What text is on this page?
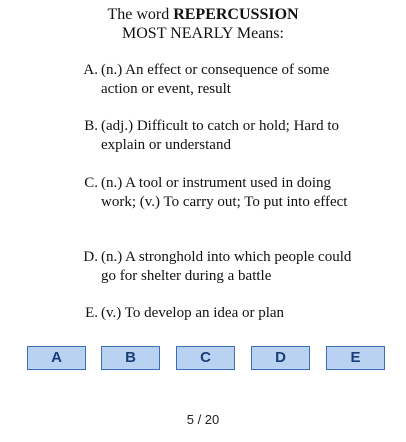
The word REPERCUSSION
MOST NEARLY Means:
A. (n.) An effect or consequence of some action or event, result
B. (adj.) Difficult to catch or hold; Hard to explain or understand
C. (n.) A tool or instrument used in doing work; (v.) To carry out; To put into effect
D. (n.) A stronghold into which people could go for shelter during a battle
E. (v.) To develop an idea or plan
A	B	C	D	E
5 / 20
